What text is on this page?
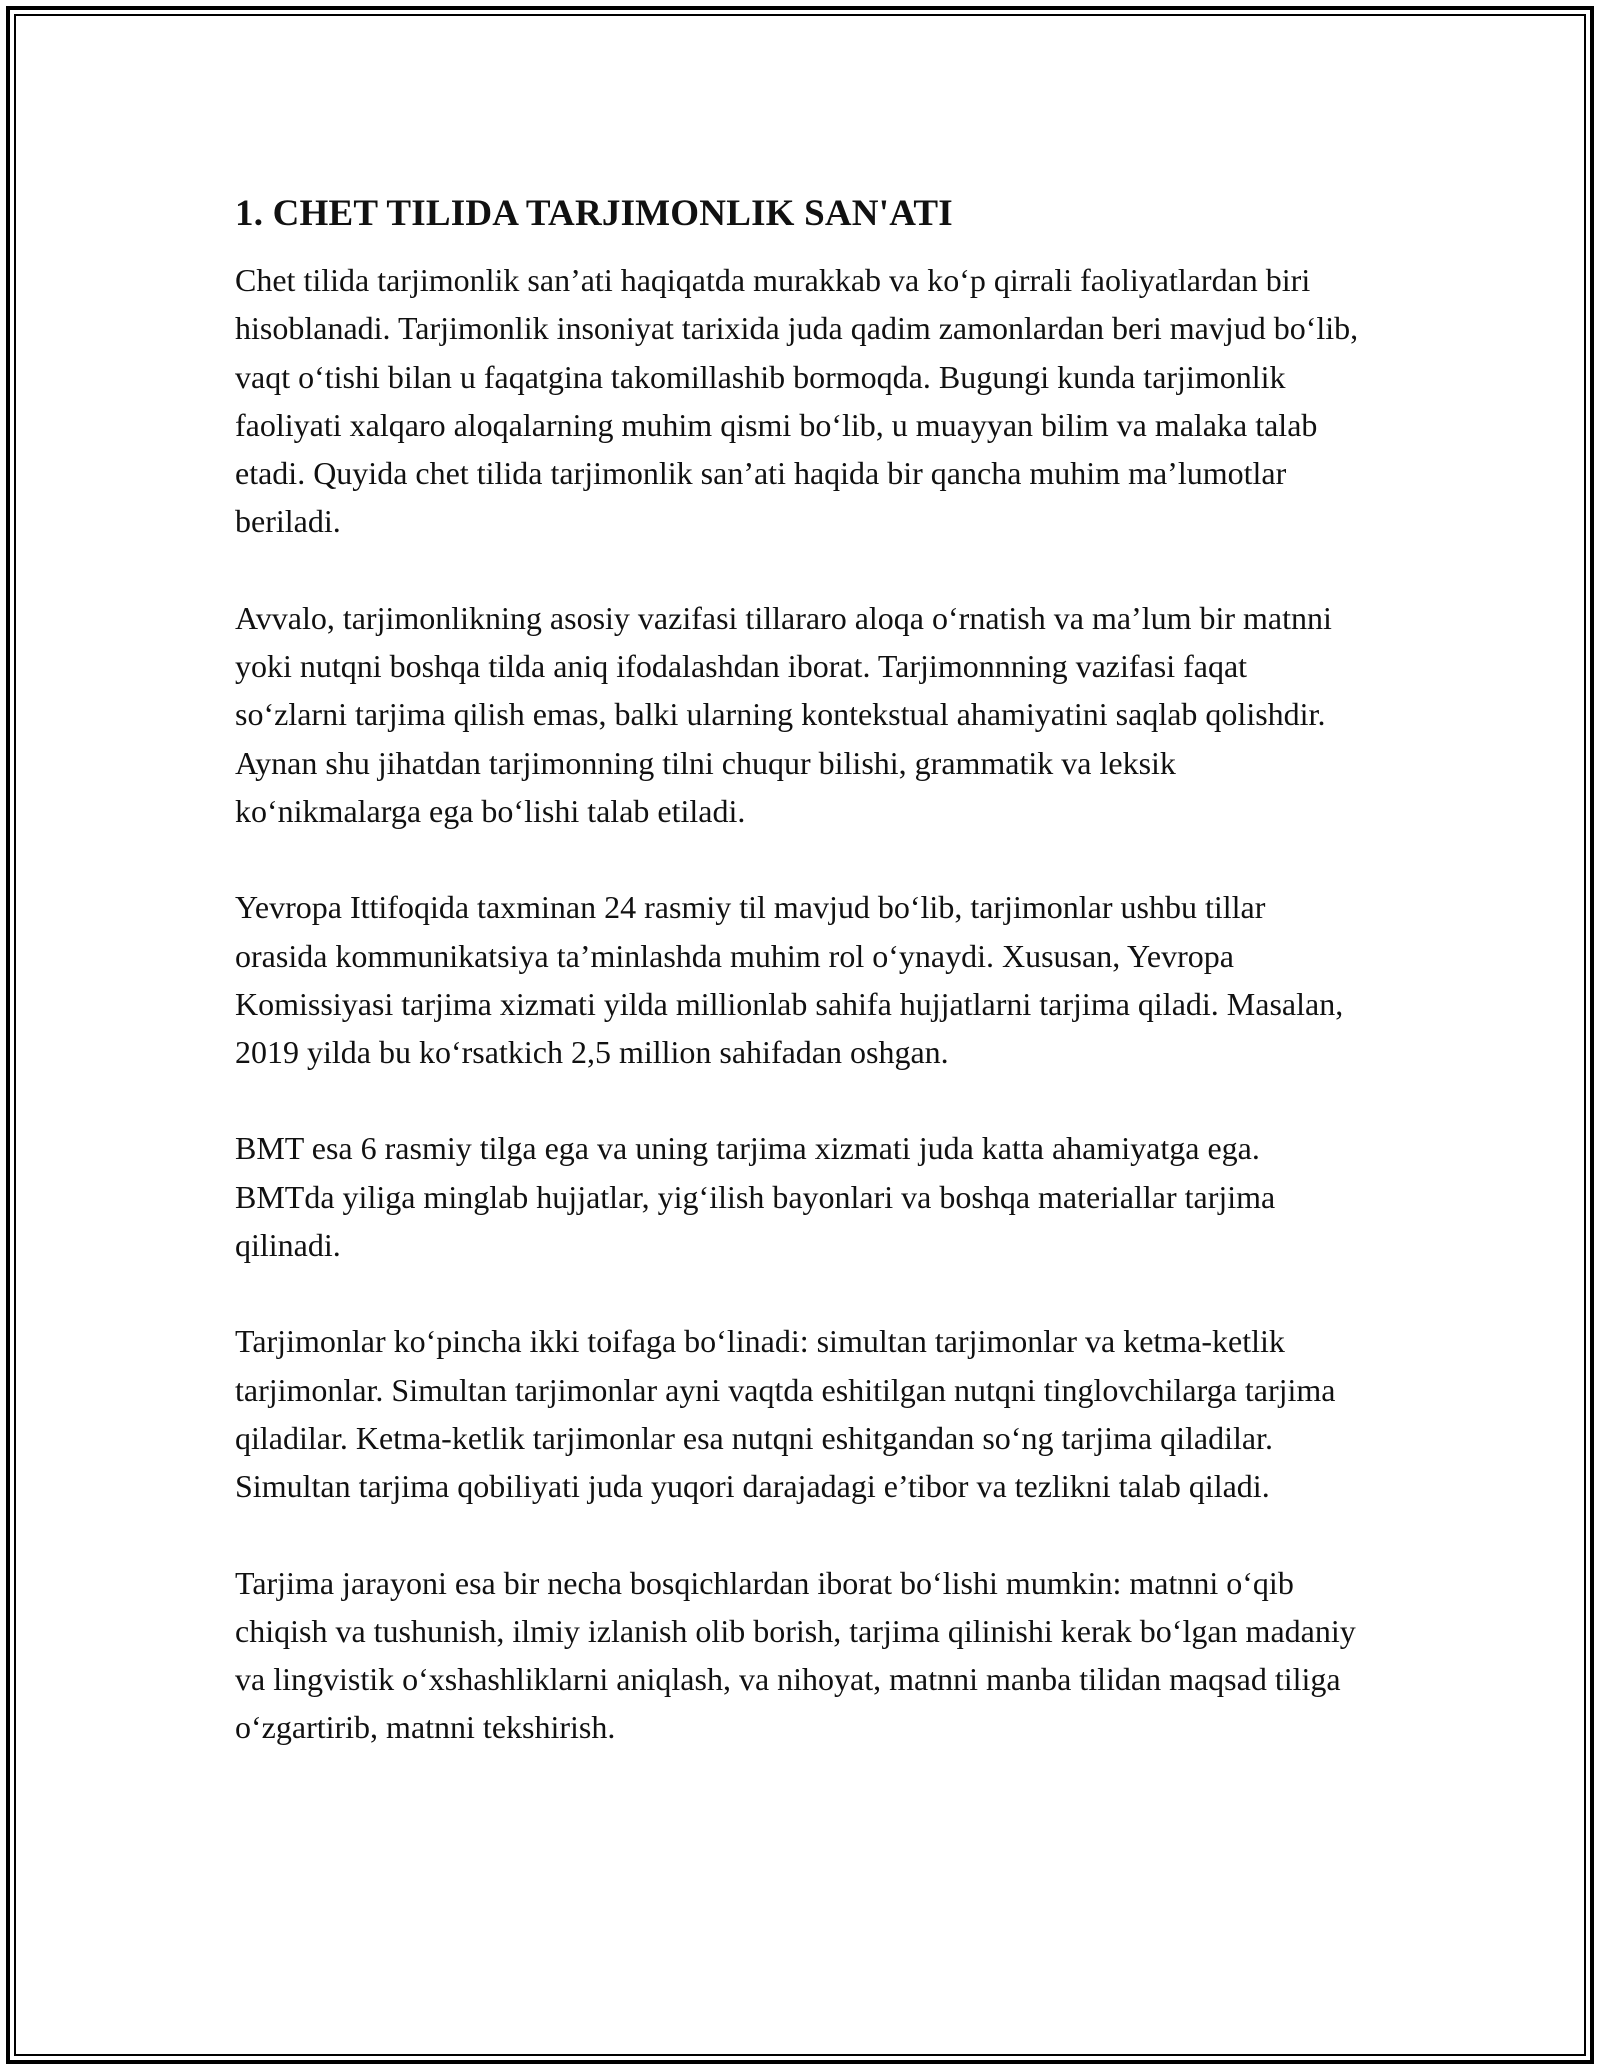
1. CHET TILIDA TARJIMONLIK SAN'ATI

Chet tilida tarjimonlik san’ati haqiqatda murakkab va ko‘p qirrali faoliyatlardan biri hisoblanadi. Tarjimonlik insoniyat tarixida juda qadim zamonlardan beri mavjud bo‘lib, vaqt o‘tishi bilan u faqatgina takomillashib bormoqda. Bugungi kunda tarjimonlik faoliyati xalqaro aloqalarning muhim qismi bo‘lib, u muayyan bilim va malaka talab etadi. Quyida chet tilida tarjimonlik san’ati haqida bir qancha muhim ma’lumotlar beriladi.

Avvalo, tarjimonlikning asosiy vazifasi tillararo aloqa o‘rnatish va ma’lum bir matnni yoki nutqni boshqa tilda aniq ifodalashdan iborat. Tarjimonnning vazifasi faqat so‘zlarni tarjima qilish emas, balki ularning kontekstual ahamiyatini saqlab qolishdir. Aynan shu jihatdan tarjimonning tilni chuqur bilishi, grammatik va leksik ko‘nikmalarga ega bo‘lishi talab etiladi.

Yevropa Ittifoqida taxminan 24 rasmiy til mavjud bo‘lib, tarjimonlar ushbu tillar orasida kommunikatsiya ta’minlashda muhim rol o‘ynaydi. Xususan, Yevropa Komissiyasi tarjima xizmati yilda millionlab sahifa hujjatlarni tarjima qiladi. Masalan, 2019 yilda bu ko‘rsatkich 2,5 million sahifadan oshgan.

BMT esa 6 rasmiy tilga ega va uning tarjima xizmati juda katta ahamiyatga ega. BMTda yiliga minglab hujjatlar, yig‘ilish bayonlari va boshqa materiallar tarjima qilinadi.

Tarjimonlar ko‘pincha ikki toifaga bo‘linadi: simultan tarjimonlar va ketma-ketlik tarjimonlar. Simultan tarjimonlar ayni vaqtda eshitilgan nutqni tinglovchilarga tarjima qiladilar. Ketma-ketlik tarjimonlar esa nutqni eshitgandan so‘ng tarjima qiladilar. Simultan tarjima qobiliyati juda yuqori darajadagi e’tibor va tezlikni talab qiladi.

Tarjima jarayoni esa bir necha bosqichlardan iborat bo‘lishi mumkin: matnni o‘qib chiqish va tushunish, ilmiy izlanish olib borish, tarjima qilinishi kerak bo‘lgan madaniy va lingvistik o‘xshashliklarni aniqlash, va nihoyat, matnni manba tilidan maqsad tiliga o‘zgartirib, matnni tekshirish.
